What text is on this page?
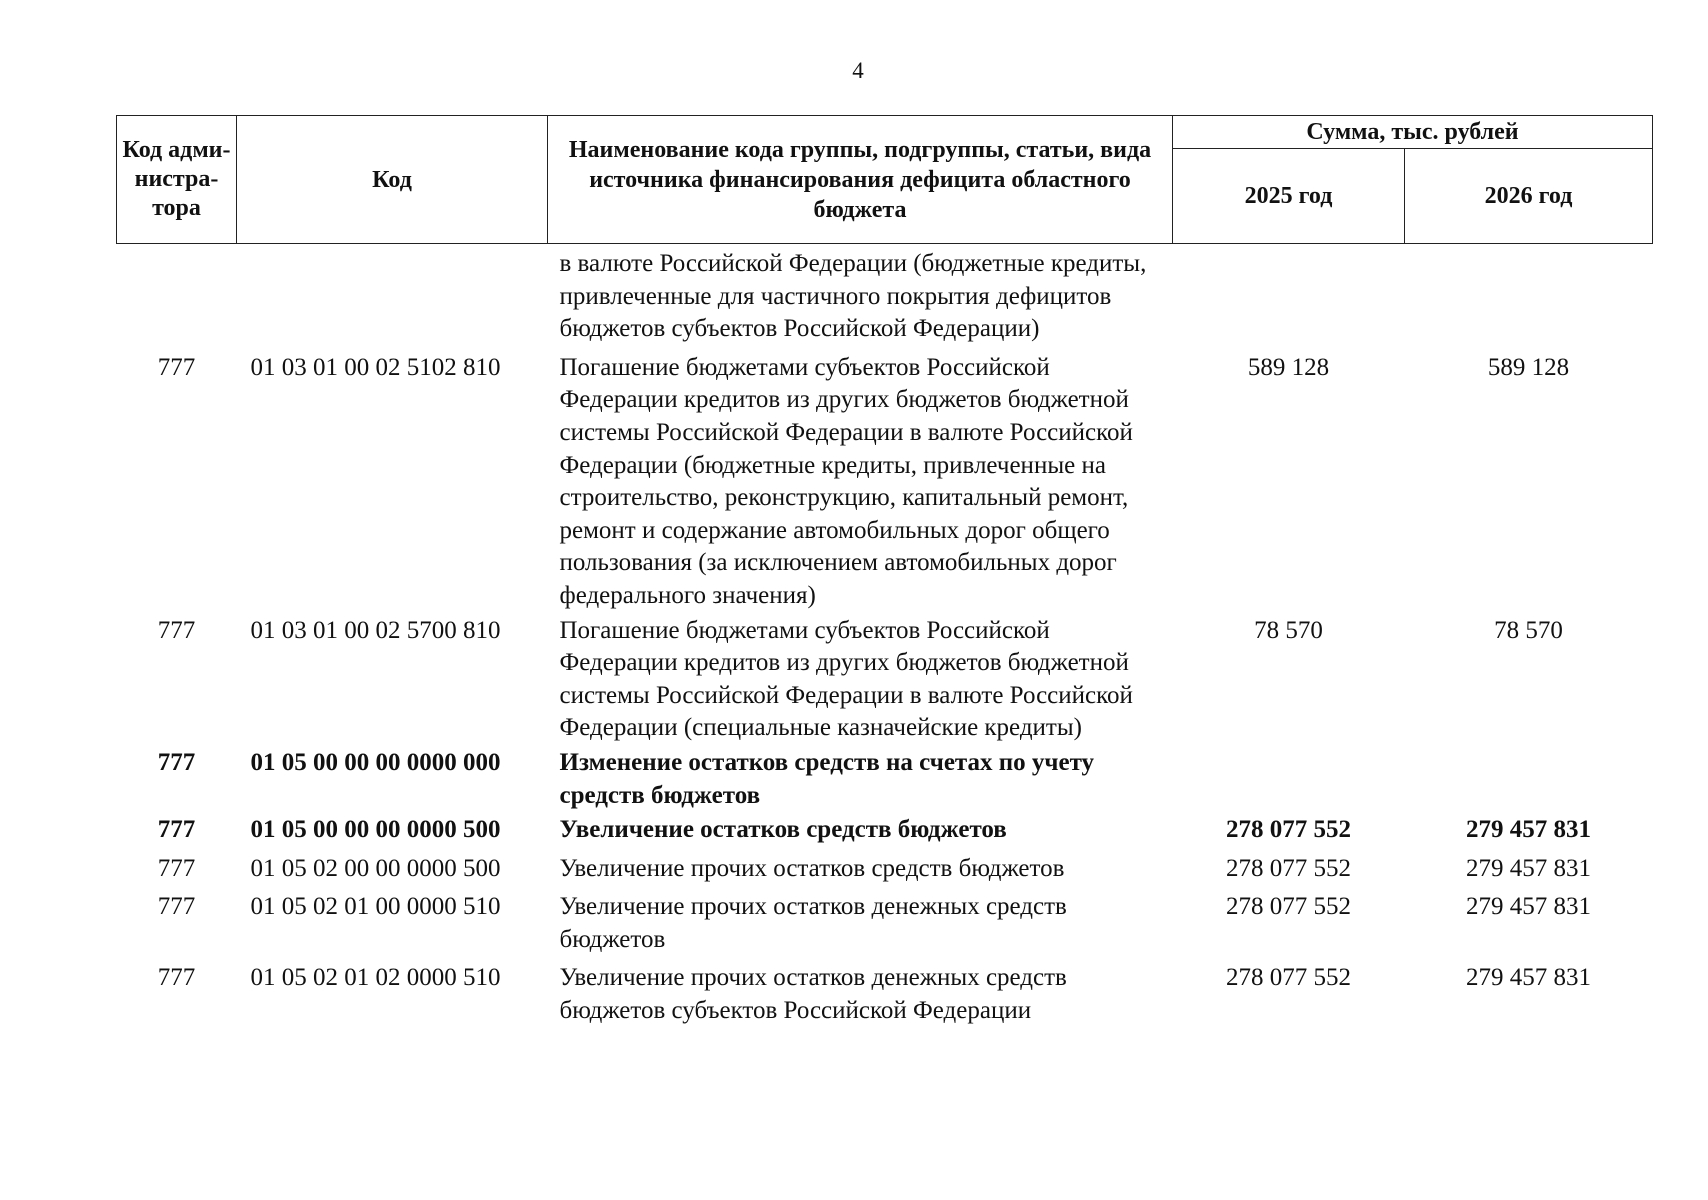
4
Код адми- нистра- тора	Код	Наименование кода группы, подгруппы, статьи, вида источника финансирования дефицита областного бюджета	Сумма, тыс. рублей	
			2025 год	2026 год
		в валюте Российской Федерации (бюджетные кредиты, привлеченные для частичного покрытия дефицитов бюджетов субъектов Российской Федерации)		
777	01 03 01 00 02 5102 810	Погашение бюджетами субъектов Российской Федерации кредитов из других бюджетов бюджетной системы Российской Федерации в валюте Российской Федерации (бюджетные кредиты, привлеченные на строительство, реконструкцию, капитальный ремонт, ремонт и содержание автомобильных дорог общего пользования (за исключением автомобильных дорог федерального значения)	589 128	589 128
777	01 03 01 00 02 5700 810	Погашение бюджетами субъектов Российской Федерации кредитов из других бюджетов бюджетной системы Российской Федерации в валюте Российской Федерации (специальные казначейские кредиты)	78 570	78 570
777	01 05 00 00 00 0000 000	Изменение остатков средств на счетах по учету средств бюджетов		
777	01 05 00 00 00 0000 500	Увеличение остатков средств бюджетов	278 077 552	279 457 831
777	01 05 02 00 00 0000 500	Увеличение прочих остатков средств бюджетов	278 077 552	279 457 831
777	01 05 02 01 00 0000 510	Увеличение прочих остатков денежных средств бюджетов	278 077 552	279 457 831
777	01 05 02 01 02 0000 510	Увеличение прочих остатков денежных средств бюджетов субъектов Российской Федерации	278 077 552	279 457 831
